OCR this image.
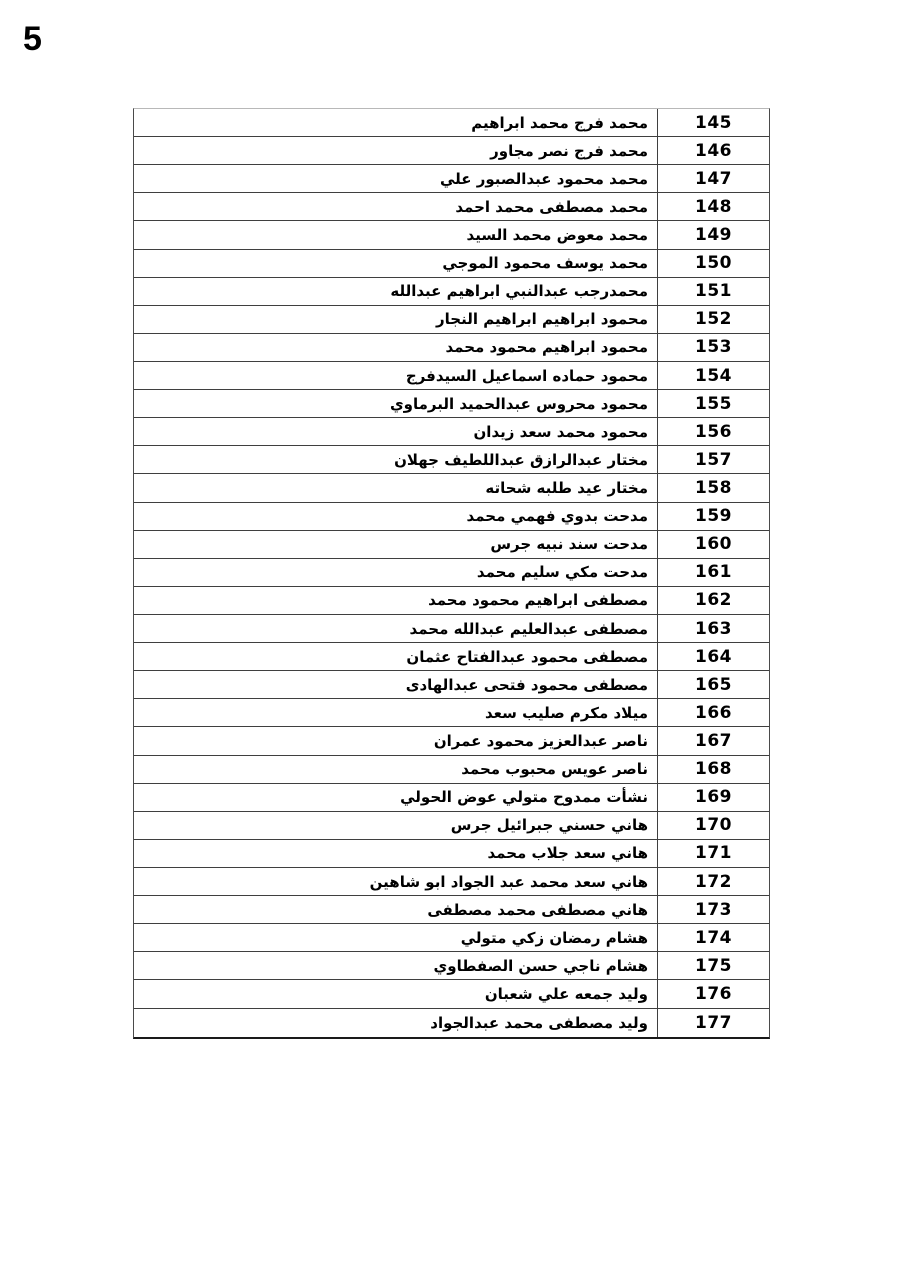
5
محمد فرج محمد ابراهيم	145
محمد فرج نصر مجاور	146
محمد محمود عبدالصبور علي	147
محمد مصطفى محمد احمد	148
محمد معوض محمد السيد	149
محمد يوسف محمود الموجي	150
محمدرجب عبدالنبي ابراهيم عبدالله	151
محمود ابراهيم ابراهيم النجار	152
محمود ابراهيم محمود محمد	153
محمود حماده اسماعيل السيدفرج	154
محمود محروس عبدالحميد البرماوي	155
محمود محمد سعد زيدان	156
مختار عبدالرازق عبداللطيف جهلان	157
مختار عيد طلبه شحاته	158
مدحت بدوي فهمي محمد	159
مدحت سند نبيه جرس	160
مدحت مكي سليم محمد	161
مصطفى ابراهيم محمود محمد	162
مصطفى عبدالعليم عبدالله محمد	163
مصطفى محمود عبدالفتاح عثمان	164
مصطفى محمود فتحى عبدالهادى	165
ميلاد مكرم صليب سعد	166
ناصر عبدالعزيز محمود عمران	167
ناصر عويس محبوب محمد	168
نشأت ممدوح متولي عوض الحولي	169
هاني حسني جبرائيل جرس	170
هاني سعد جلاب محمد	171
هاني سعد محمد عبد الجواد ابو شاهين	172
هاني مصطفى محمد مصطفى	173
هشام رمضان زكي متولي	174
هشام ناجي حسن الصفطاوي	175
وليد جمعه علي شعبان	176
وليد مصطفى محمد عبدالجواد	177
